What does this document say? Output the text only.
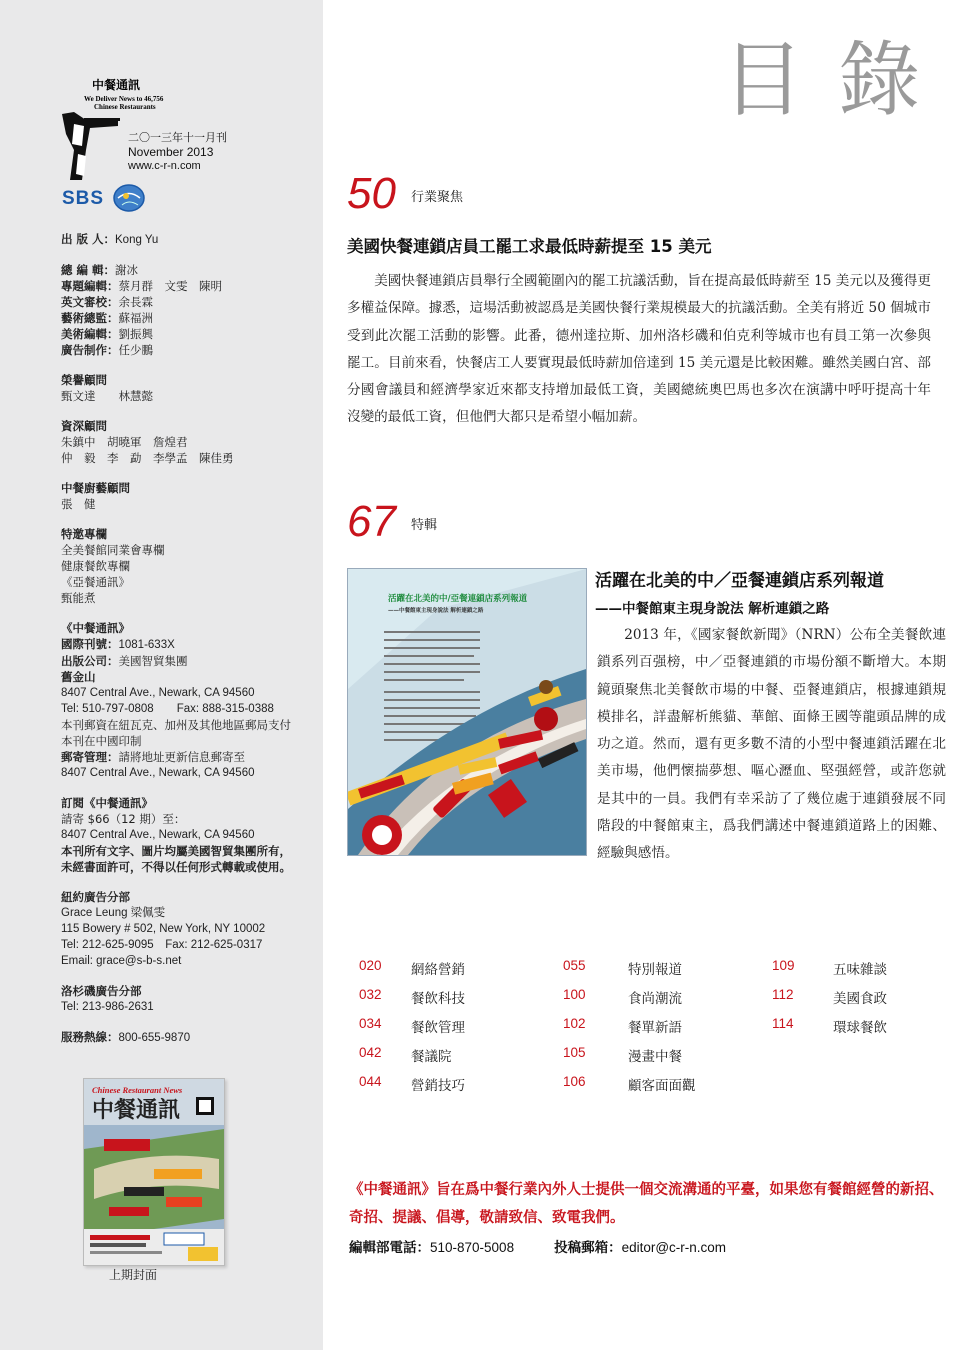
中餐通訊
We Deliver News to 46,756
Chinese Restaurants
二〇一三年十一月刊
November 2013
www.c-r-n.com
SBS
出 版 人：Kong Yu
總 編 輯：謝冰
專題編輯：蔡月群　文雯　陳明
英文審校：余長霖
藝術總監：蘇福洲
美術編輯：劉振興
廣告制作：任少鵬
榮譽顧問
甄文達　　林慧懿
資深顧問
朱鎮中　胡曉軍　詹煌君
仲　毅　李　勐　李學孟　陳佳勇
中餐廚藝顧問
張　健
特邀專欄
全美餐館同業會專欄
健康餐飲專欄
《亞餐通訊》
甄能煮
《中餐通訊》
國際刊號：1081-633X
出版公司：美國智貿集團
舊金山
8407 Central Ave., Newark, CA 94560
Tel: 510-797-0808　　Fax: 888-315-0388
本刊郵資在紐瓦克、加州及其他地區郵局支付
本刊在中國印制
郵寄管理：請將地址更新信息郵寄至
8407 Central Ave., Newark, CA 94560
訂閱《中餐通訊》
請寄 $66（12 期）至：
8407 Central Ave., Newark, CA 94560
本刊所有文字、圖片均屬美國智貿集團所有，
未經書面許可，不得以任何形式轉載或使用。
紐約廣告分部
Grace Leung 梁佩雯
115 Bowery # 502, New York, NY 10002
Tel: 212-625-9095　Fax: 212-625-0317
Email: grace@s-b-s.net
洛杉磯廣告分部
Tel: 213-986-2631
服務熱線：800-655-9870
Chinese Restaurant News
中餐通訊
上期封面
目 錄
50 行業聚焦
美國快餐連鎖店員工罷工求最低時薪提至 15 美元
美國快餐連鎖店員舉行全國範圍內的罷工抗議活動，旨在提高最低時薪至 15 美元以及獲得更多權益保障。據悉，這場活動被認爲是美國快餐行業規模最大的抗議活動。全美有將近 50 個城市受到此次罷工活動的影響。此番，德州達拉斯、加州洛杉磯和伯克利等城市也有員工第一次參與罷工。目前來看，快餐店工人要實現最低時薪加倍達到 15 美元還是比較困難。雖然美國白宮、部分國會議員和經濟學家近來都支持增加最低工資，美國總統奧巴馬也多次在演講中呼吁提高十年沒變的最低工資，但他們大都只是希望小幅加薪。
67 特輯
活躍在北美的中/亞餐連鎖店系列報道
——中餐館東主現身說法 解析連鎖之路
活躍在北美的中／亞餐連鎖店系列報道
——中餐館東主現身說法 解析連鎖之路
2013 年，《國家餐飲新聞》（NRN）公布全美餐飲連鎖系列百强榜，中／亞餐連鎖的市場份額不斷增大。本期鏡頭聚焦北美餐飲市場的中餐、亞餐連鎖店，根據連鎖規模排名，詳盡解析熊貓、華館、面條王國等龍頭品牌的成功之道。然而，還有更多數不清的小型中餐連鎖活躍在北美市場，他們懷揣夢想、嘔心瀝血、堅强經營，或許您就是其中的一員。我們有幸采訪了了幾位處于連鎖發展不同階段的中餐館東主，爲我們講述中餐連鎖道路上的困難、經驗與感悟。
020 網絡營銷
032 餐飲科技
034 餐飲管理
042 餐議院
044 營銷技巧
055	特別報道
100	食尚潮流
102	餐單新語
105	漫畫中餐
106	顧客面面觀
109	五味雜談
112	美國食政
114	環球餐飲
《中餐通訊》旨在爲中餐行業內外人士提供一個交流溝通的平臺，如果您有餐館經營的新招、奇招、提議、倡導，敬請致信、致電我們。
編輯部電話：510-870-5008	投稿郵箱：editor@c-r-n.com
